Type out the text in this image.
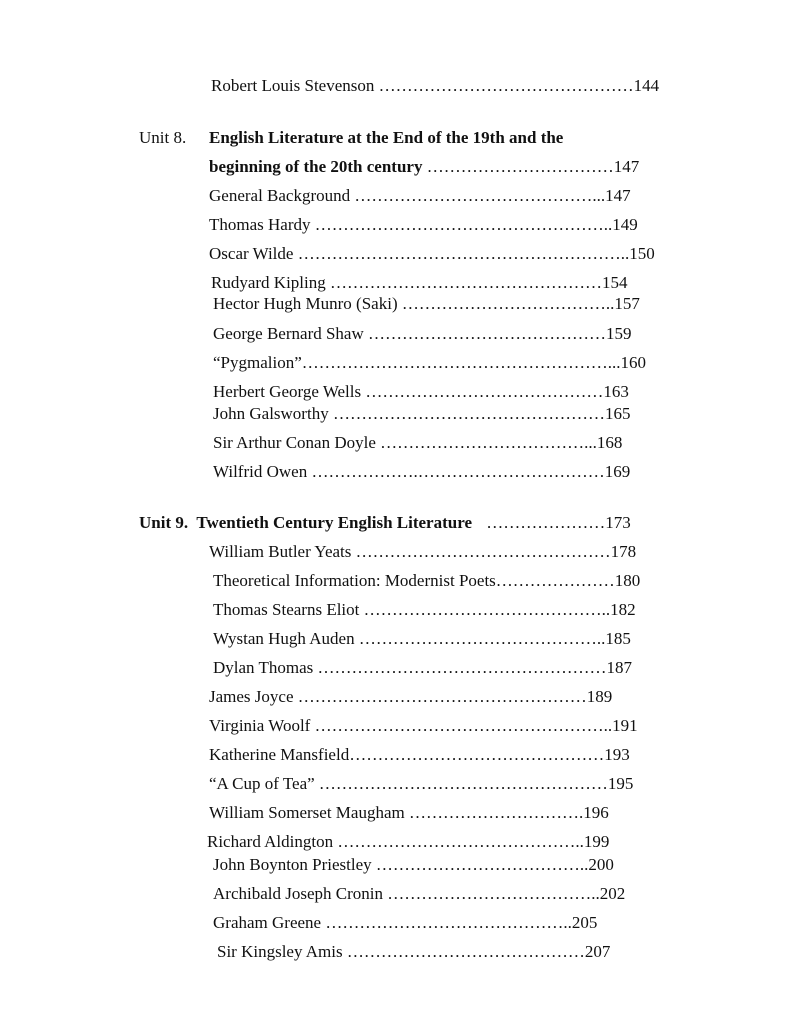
Robert Louis Stevenson ………………………………………144
Unit 8. English Literature at the End of the 19th and the
beginning of the 20th century ……………………………147
General Background ……………………………………...147
Thomas Hardy ……………………………………………..149
Oscar Wilde …………………………………………………..150
Rudyard Kipling …………………………………………154
Hector Hugh Munro (Saki) ………………………………..157
George Bernard Shaw ……………………………………159
“Pygmalion”………………………………………………...160
Herbert George Wells ……………………………………163
John Galsworthy …………………………………………165
Sir Arthur Conan Doyle ………………………………...168
Wilfrid Owen ……………….……………………………169
Unit 9. Twentieth Century English Literature …………………173
William Butler Yeats ………………………………………178
Theoretical Information: Modernist Poets…………………180
Thomas Stearns Eliot ……………………………………..182
Wystan Hugh Auden ……………………………………..185
Dylan Thomas ……………………………………………187
James Joyce ……………………………………………189
Virginia Woolf ……………………………………………..191
Katherine Mansfield………………………………………193
“A Cup of Tea” ……………………………………………195
William Somerset Maugham ………………………….196
Richard Aldington ……………………………………..199
John Boynton Priestley ………………………………..200
Archibald Joseph Cronin ………………………………..202
Graham Greene ……………………………………..205
Sir Kingsley Amis ……………………………………207
